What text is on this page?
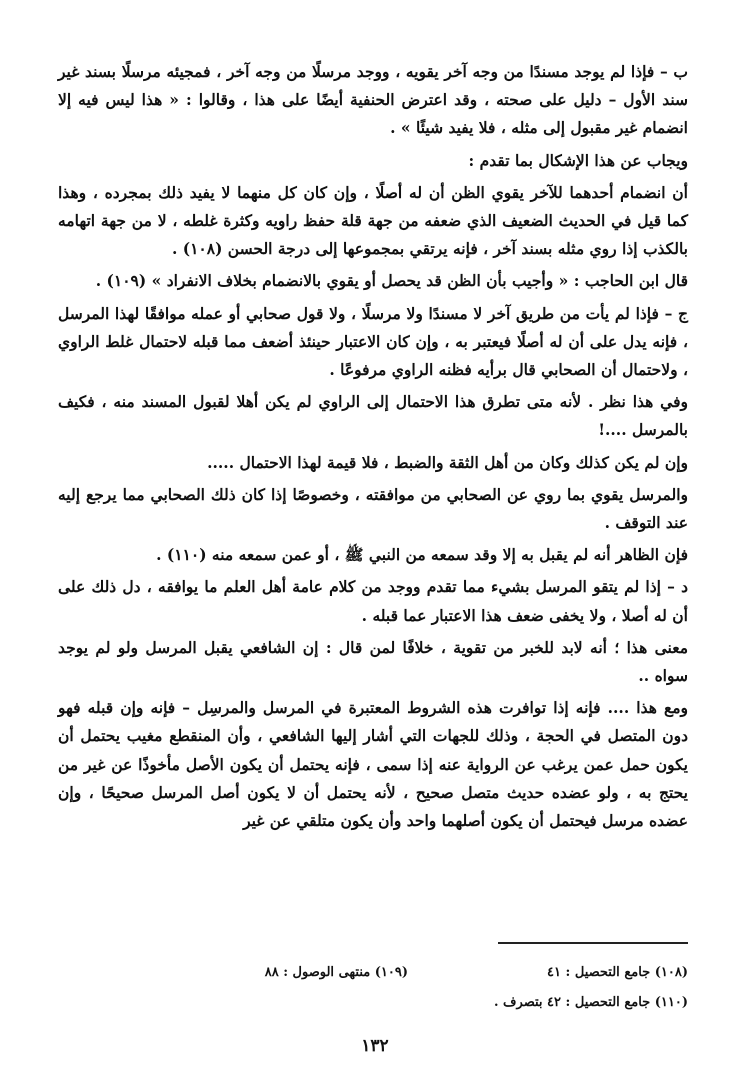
ب – فإذا لم يوجد مسندًا من وجه آخر يقويه ، ووجد مرسلًا من وجه آخر ، فمجيئه مرسلًا بسند غير سند الأول – دليل على صحته ، وقد اعترض الحنفية أيضًا على هذا ، وقالوا : « هذا ليس فيه إلا انضمام غير مقبول إلى مثله ، فلا يفيد شيئًا » .

ويجاب عن هذا الإشكال بما تقدم :

أن انضمام أحدهما للآخر يقوي الظن أن له أصلًا ، وإن كان كل منهما لا يفيد ذلك بمجرده ، وهذا كما قيل في الحديث الضعيف الذي ضعفه من جهة قلة حفظ راويه وكثرة غلطه ، لا من جهة اتهامه بالكذب إذا روي مثله بسند آخر ، فإنه يرتقي بمجموعها إلى درجة الحسن (١٠٨) .

قال ابن الحاجب : « وأجيب بأن الظن قد يحصل أو يقوي بالانضمام بخلاف الانفراد » (١٠٩) .

ج – فإذا لم يأت من طريق آخر لا مسندًا ولا مرسلًا ، ولا قول صحابي أو عمله موافقًا لهذا المرسل ، فإنه يدل على أن له أصلًا فيعتبر به ، وإن كان الاعتبار حينئذ أضعف مما قبله لاحتمال غلط الراوي ، ولاحتمال أن الصحابي قال برأيه فظنه الراوي مرفوعًا .

وفي هذا نظر . لأنه متى تطرق هذا الاحتمال إلى الراوي لم يكن أهلا لقبول المسند منه ، فكيف بالمرسل ....!

وإن لم يكن كذلك وكان من أهل الثقة والضبط ، فلا قيمة لهذا الاحتمال .....

والمرسل يقوي بما روي عن الصحابي من موافقته ، وخصوصًا إذا كان ذلك الصحابي مما يرجع إليه عند التوقف .

فإن الظاهر أنه لم يقبل به إلا وقد سمعه من النبي ﷺ ، أو عمن سمعه منه (١١٠) .

د – إذا لم يتقو المرسل بشيء مما تقدم ووجد من كلام عامة أهل العلم ما يوافقه ، دل ذلك على أن له أصلا ، ولا يخفى ضعف هذا الاعتبار عما قبله .

معنى هذا ؛ أنه لابد للخبر من تقوية ، خلافًا لمن قال : إن الشافعي يقبل المرسل ولو لم يوجد سواه ..

ومع هذا .... فإنه إذا توافرت هذه الشروط المعتبرة في المرسل والمرسِل – فإنه وإن قبله فهو دون المتصل في الحجة ، وذلك للجهات التي أشار إليها الشافعي ، وأن المنقطع مغيب يحتمل أن يكون حمل عمن يرغب عن الرواية عنه إذا سمى ، فإنه يحتمل أن يكون الأصل مأخوذًا عن غير من يحتج به ، ولو عضده حديث متصل صحيح ، لأنه يحتمل أن لا يكون أصل المرسل صحيحًا ، وإن عضده مرسل فيحتمل أن يكون أصلهما واحد وأن يكون متلقي عن غير

(١٠٨) جامع التحصيل : ٤١
(١٠٩) منتهى الوصول : ٨٨
(١١٠) جامع التحصيل : ٤٢ بتصرف .
١٣٢
